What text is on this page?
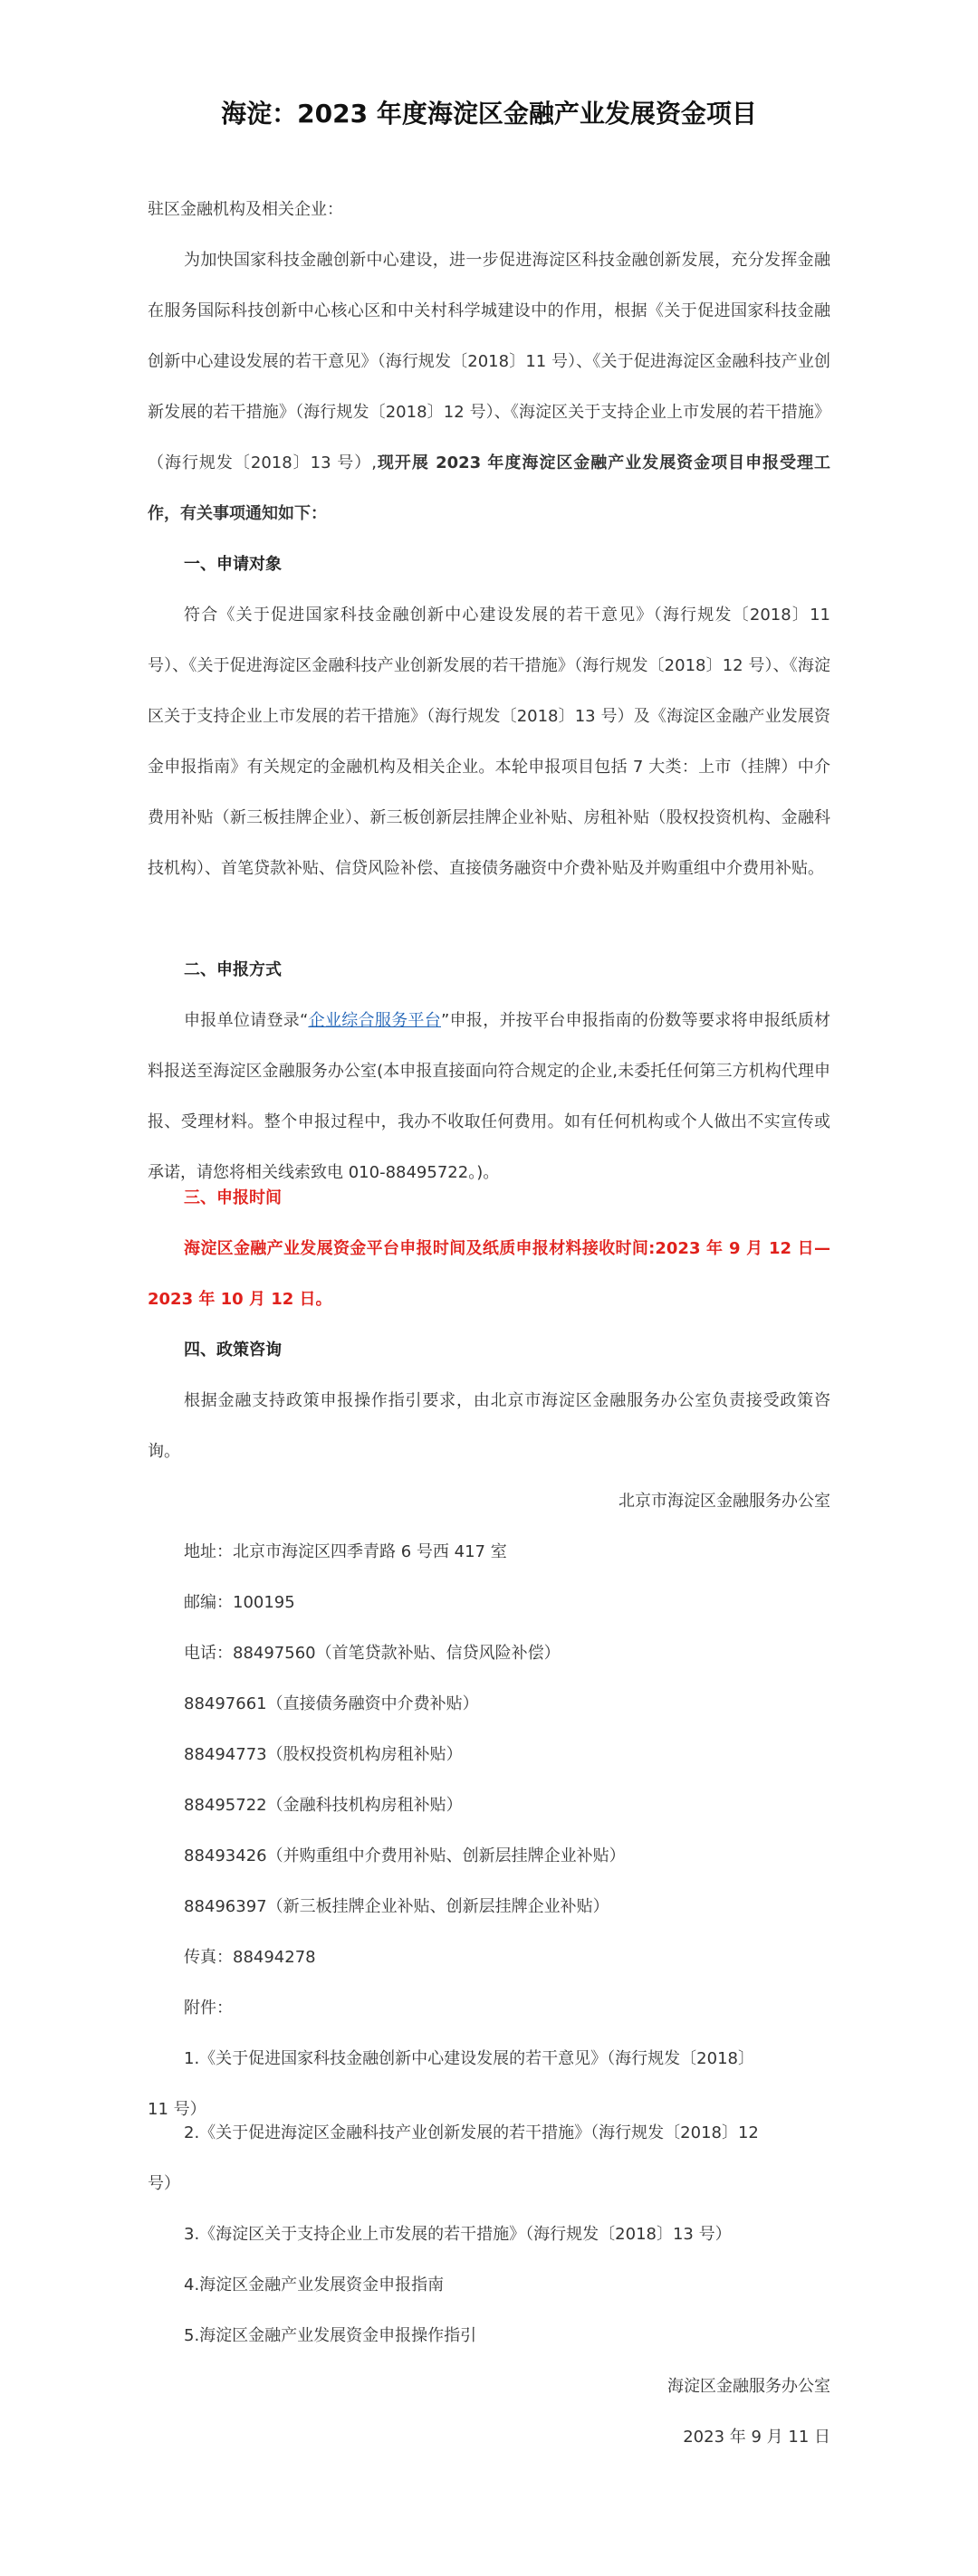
海淀：2023 年度海淀区金融产业发展资金项目
驻区金融机构及相关企业：

为加快国家科技金融创新中心建设，进一步促进海淀区科技金融创新发展，充分发挥金融在服务国际科技创新中心核心区和中关村科学城建设中的作用，根据《关于促进国家科技金融创新中心建设发展的若干意见》（海行规发〔2018〕11 号）、《关于促进海淀区金融科技产业创新发展的若干措施》（海行规发〔2018〕12 号）、《海淀区关于支持企业上市发展的若干措施》（海行规发〔2018〕13 号）,现开展 2023 年度海淀区金融产业发展资金项目申报受理工作，有关事项通知如下：

一、申请对象

符合《关于促进国家科技金融创新中心建设发展的若干意见》（海行规发〔2018〕11 号）、《关于促进海淀区金融科技产业创新发展的若干措施》（海行规发〔2018〕12 号）、《海淀区关于支持企业上市发展的若干措施》（海行规发〔2018〕13 号）及《海淀区金融产业发展资金申报指南》有关规定的金融机构及相关企业。本轮申报项目包括 7 大类：上市（挂牌）中介费用补贴（新三板挂牌企业）、新三板创新层挂牌企业补贴、房租补贴（股权投资机构、金融科技机构）、首笔贷款补贴、信贷风险补偿、直接债务融资中介费补贴及并购重组中介费用补贴。

二、申报方式

申报单位请登录“企业综合服务平台”申报，并按平台申报指南的份数等要求将申报纸质材料报送至海淀区金融服务办公室(本申报直接面向符合规定的企业,未委托任何第三方机构代理申报、受理材料。整个申报过程中，我办不收取任何费用。如有任何机构或个人做出不实宣传或承诺，请您将相关线索致电 010-88495722。)。

三、申报时间

海淀区金融产业发展资金平台申报时间及纸质申报材料接收时间:2023 年 9 月 12 日—2023 年 10 月 12 日。

四、政策咨询

根据金融支持政策申报操作指引要求，由北京市海淀区金融服务办公室负责接受政策咨询。

北京市海淀区金融服务办公室
地址：北京市海淀区四季青路 6 号西 417 室
邮编：100195
电话：88497560（首笔贷款补贴、信贷风险补偿）
88497661（直接债务融资中介费补贴）
88494773（股权投资机构房租补贴）
88495722（金融科技机构房租补贴）
88493426（并购重组中介费用补贴、创新层挂牌企业补贴）
88496397（新三板挂牌企业补贴、创新层挂牌企业补贴）
传真：88494278
附件：
1.《关于促进国家科技金融创新中心建设发展的若干意见》（海行规发〔2018〕
11 号）
2.《关于促进海淀区金融科技产业创新发展的若干措施》（海行规发〔2018〕12
号）
3.《海淀区关于支持企业上市发展的若干措施》（海行规发〔2018〕13 号）
4.海淀区金融产业发展资金申报指南
5.海淀区金融产业发展资金申报操作指引
海淀区金融服务办公室
2023 年 9 月 11 日
